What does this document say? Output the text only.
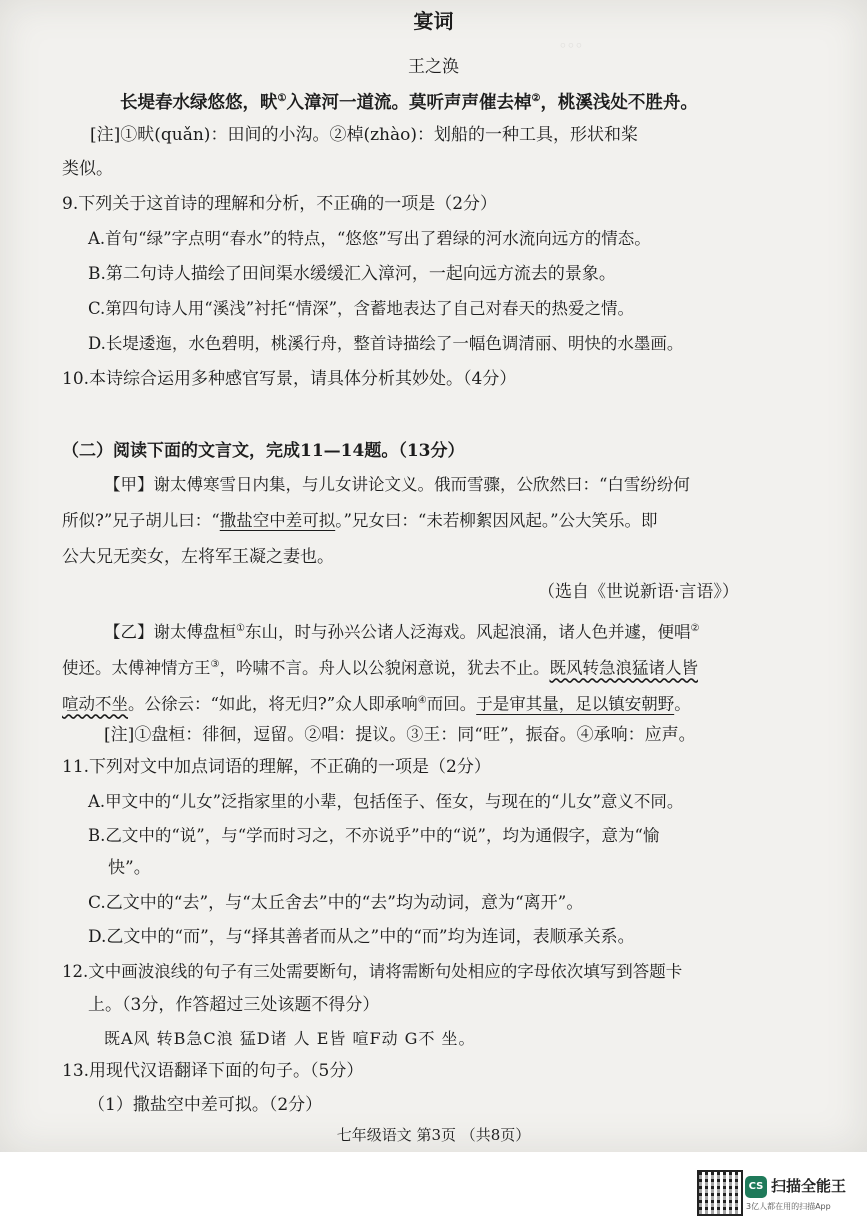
。。。
宴词
王之涣
长堤春水绿悠悠，畎①入漳河一道流。莫听声声催去棹②，桃溪浅处不胜舟。
[注]①畎(quǎn)：田间的小沟。②棹(zhào)：划船的一种工具，形状和桨
类似。
9.下列关于这首诗的理解和分析，不正确的一项是（2分）
A.首句“绿”字点明“春水”的特点，“悠悠”写出了碧绿的河水流向远方的情态。
B.第二句诗人描绘了田间渠水缓缓汇入漳河，一起向远方流去的景象。
C.第四句诗人用“溪浅”衬托“情深”，含蓄地表达了自己对春天的热爱之情。
D.长堤逶迤，水色碧明，桃溪行舟，整首诗描绘了一幅色调清丽、明快的水墨画。
10.本诗综合运用多种感官写景，请具体分析其妙处。（4分）
（二）阅读下面的文言文，完成11—14题。（13分）
【甲】谢太傅寒雪日内集，与儿女讲论文义。俄而雪骤，公欣然曰：“白雪纷纷何
所似?”兄子胡儿曰：“撒盐空中差可拟。”兄女曰：“未若柳絮因风起。”公大笑乐。即
公大兄无奕女，左将军王凝之妻也。
（选自《世说新语·言语》）
【乙】谢太傅盘桓①东山，时与孙兴公诸人泛海戏。风起浪涌，诸人色并遽，便唱②
使还。太傅神情方王③，吟啸不言。舟人以公貌闲意说，犹去不止。既风转急浪猛诸人皆
喧动不坐。公徐云：“如此，将无归?”众人即承响④而回。于是审其量，足以镇安朝野。
[注]①盘桓：徘徊，逗留。②唱：提议。③王：同“旺”，振奋。④承响：应声。
11.下列对文中加点词语的理解，不正确的一项是（2分）
A.甲文中的“儿女”泛指家里的小辈，包括侄子、侄女，与现在的“儿女”意义不同。
B.乙文中的“说”，与“学而时习之，不亦说乎”中的“说”，均为通假字，意为“愉
快”。
C.乙文中的“去”，与“太丘舍去”中的“去”均为动词，意为“离开”。
D.乙文中的“而”，与“择其善者而从之”中的“而”均为连词，表顺承关系。
12.文中画波浪线的句子有三处需要断句，请将需断句处相应的字母依次填写到答题卡
上。（3分，作答超过三处该题不得分）
既A风 转B急C浪 猛D诸 人 E皆 喧F动 G不 坐。
13.用现代汉语翻译下面的句子。（5分）
（1）撒盐空中差可拟。（2分）
七年级语文 第3页 （共8页）
CS 扫描全能王
3亿人都在用的扫描App
